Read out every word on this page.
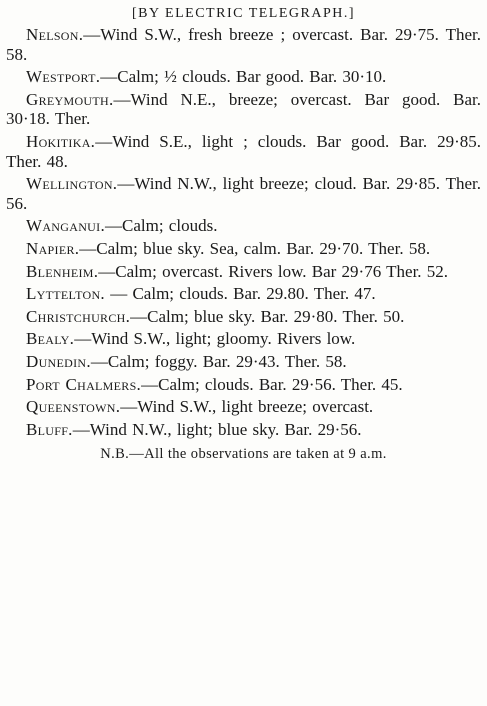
[BY ELECTRIC TELEGRAPH.]

Nelson.—Wind S.W., fresh breeze ; overcast. Bar. 29·75. Ther. 58.

Westport.—Calm; ½ clouds. Bar good. Bar. 30·10.

Greymouth.—Wind N.E., breeze; overcast. Bar good. Bar. 30·18. Ther.

Hokitika.—Wind S.E., light ; clouds. Bar good. Bar. 29·85. Ther. 48.

Wellington.—Wind N.W., light breeze; cloud. Bar. 29·85. Ther. 56.

Wanganui.—Calm; clouds.

Napier.—Calm; blue sky. Sea, calm. Bar. 29·70. Ther. 58.

Blenheim.—Calm; overcast. Rivers low. Bar 29·76 Ther. 52.

Lyttelton. — Calm; clouds. Bar. 29.80. Ther. 47.

Christchurch.—Calm; blue sky. Bar. 29·80. Ther. 50.

Bealy.—Wind S.W., light; gloomy. Rivers low.

Dunedin.—Calm; foggy. Bar. 29·43. Ther. 58.

Port Chalmers.—Calm; clouds. Bar. 29·56. Ther. 45.

Queenstown.—Wind S.W., light breeze; overcast.

Bluff.—Wind N.W., light; blue sky. Bar. 29·56.

N.B.—All the observations are taken at 9 a.m.
